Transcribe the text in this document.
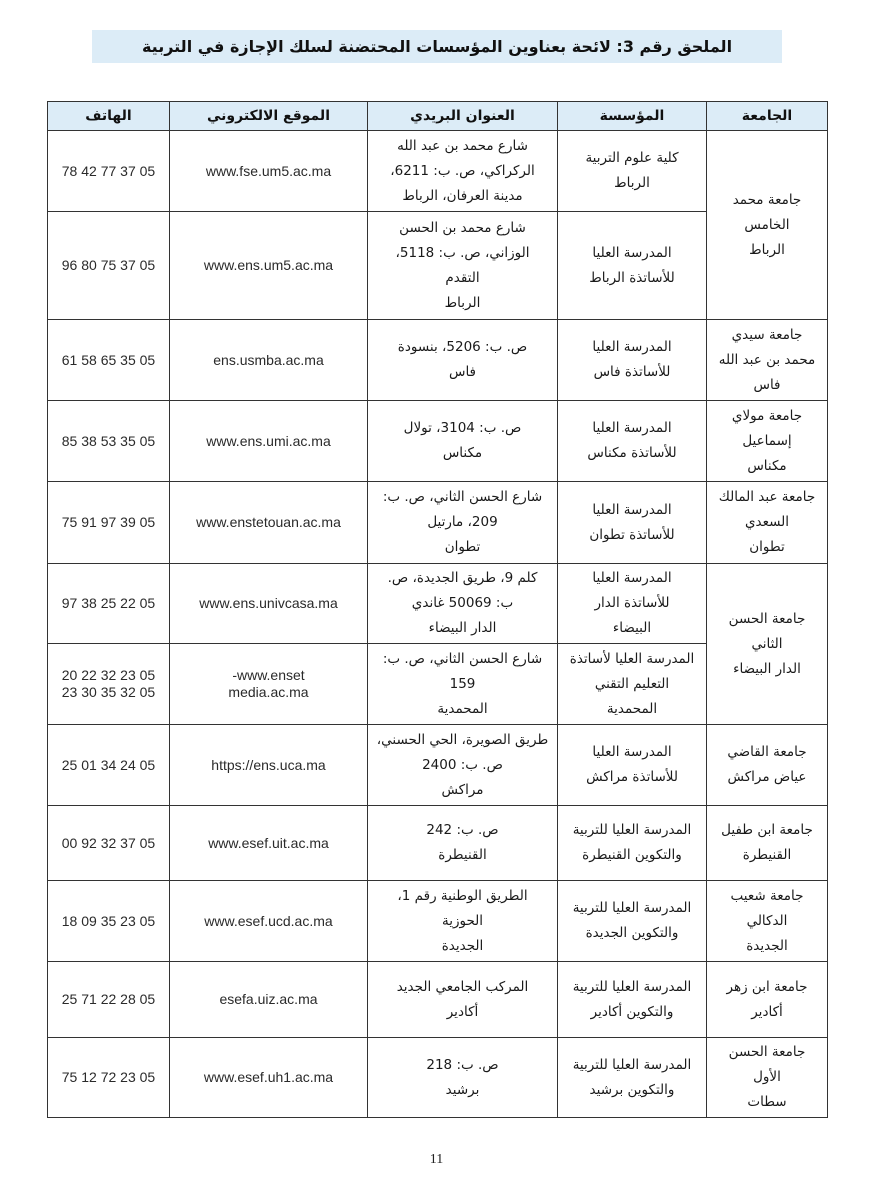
الملحق رقم 3: لائحة بعناوين المؤسسات المحتضنة لسلك الإجازة في التربية
الجامعة	المؤسسة	العنوان البريدي	الموقع الالكتروني	الهاتف
جامعة محمد
الخامس
الرباط	كلية علوم التربية
الرباط	شارع محمد بن عبد الله
الركراكي، ص. ب: 6211،
مدينة العرفان، الرباط	www.fse.um5.ac.ma	05 37 77 42 78
	المدرسة العليا
للأساتذة الرباط	شارع محمد بن الحسن
الوزاني، ص. ب: 5118،
التقدم
الرباط	www.ens.um5.ac.ma	05 37 75 80 96
جامعة سيدي
محمد بن عبد الله
فاس	المدرسة العليا
للأساتذة فاس	ص. ب: 5206، بنسودة
فاس	ens.usmba.ac.ma	05 35 65 58 61
جامعة مولاي
إسماعيل
مكناس	المدرسة العليا
للأساتذة مكناس	ص. ب: 3104، تولال
مكناس	www.ens.umi.ac.ma	05 35 53 38 85
جامعة عبد المالك
السعدي
تطوان	المدرسة العليا
للأساتذة تطوان	شارع الحسن الثاني، ص. ب:
209، مارتيل
تطوان	www.enstetouan.ac.ma	05 39 97 91 75
جامعة الحسن
الثاني
الدار البيضاء	المدرسة العليا
للأساتذة الدار
البيضاء	كلم 9، طريق الجديدة، ص.
ب: 50069 غاندي
الدار البيضاء	www.ens.univcasa.ma	05 22 25 38 97
	المدرسة العليا لأساتذة
التعليم التقني
المحمدية	شارع الحسن الثاني، ص. ب:
159
المحمدية	www.enset-
media.ac.ma	05 23 32 22 20
05 32 35 30 23
جامعة القاضي
عياض مراكش	المدرسة العليا
للأساتذة مراكش	طريق الصويرة، الحي الحسني،
ص. ب: 2400
مراكش	https://ens.uca.ma	05 24 34 01 25
جامعة ابن طفيل
القنيطرة	المدرسة العليا للتربية
والتكوين القنيطرة	ص. ب: 242
القنيطرة	www.esef.uit.ac.ma	05 37 32 92 00
جامعة شعيب
الدكالي
الجديدة	المدرسة العليا للتربية
والتكوين الجديدة	الطريق الوطنية رقم 1،
الحوزية
الجديدة	www.esef.ucd.ac.ma	05 23 35 09 18
جامعة ابن زهر
أكادير	المدرسة العليا للتربية
والتكوين أكادير	المركب الجامعي الجديد
أكادير	esefa.uiz.ac.ma	05 28 22 71 25
جامعة الحسن
الأول
سطات	المدرسة العليا للتربية
والتكوين برشيد	ص. ب: 218
برشيد	www.esef.uh1.ac.ma	05 23 72 12 75
11
